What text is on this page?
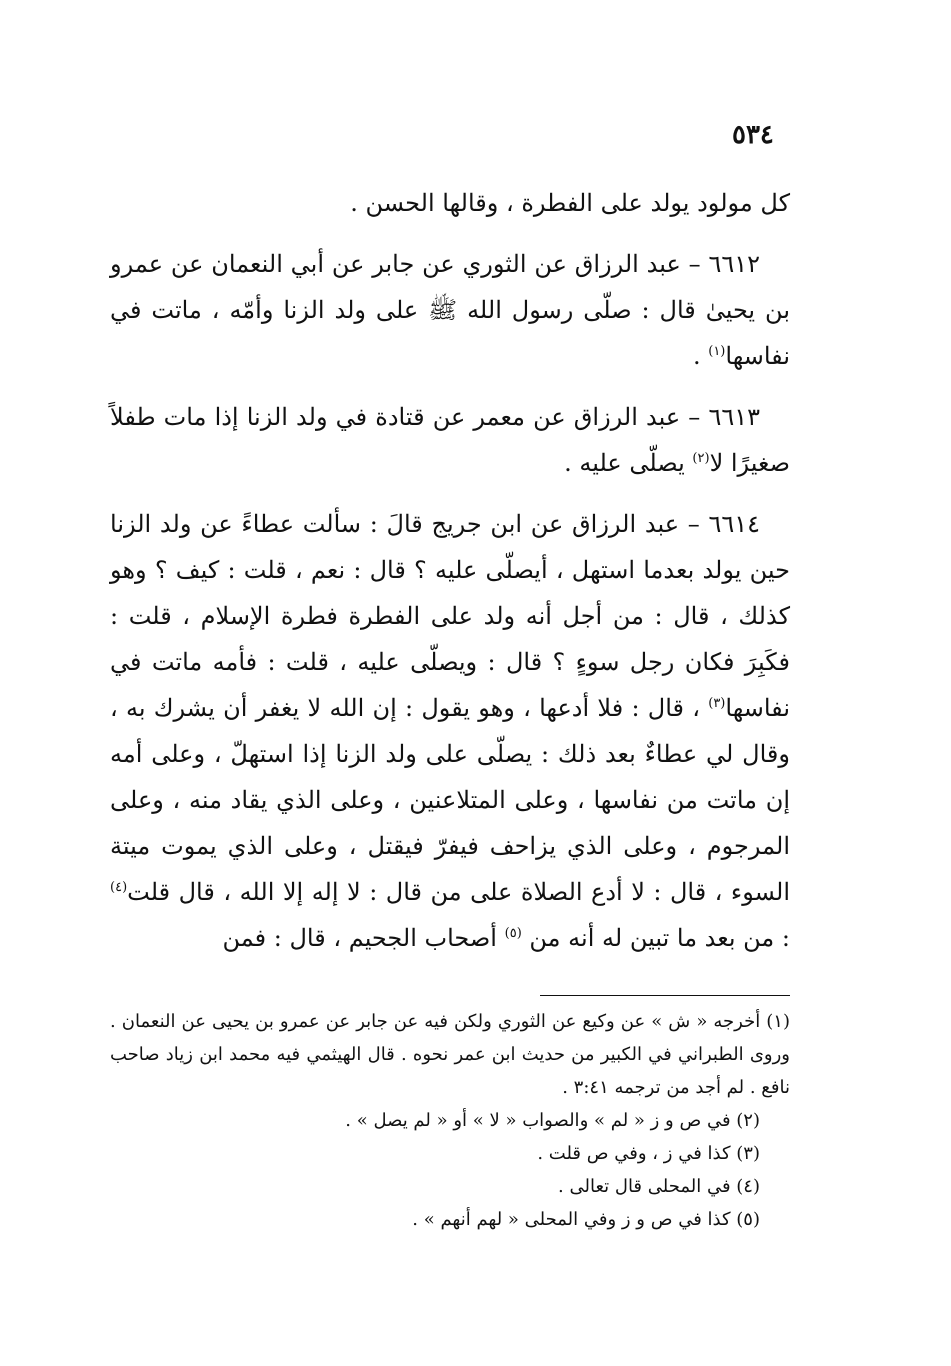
٥٣٤

كل مولود يولد على الفطرة ، وقالها الحسن .

٦٦١٢ – عبد الرزاق عن الثوري عن جابر عن أبي النعمان عن عمرو بن يحيىٰ قال : صلّى رسول الله ﷺ على ولد الزنا وأمّه ، ماتت في نفاسها$^{(١)}$ .

٦٦١٣ – عبد الرزاق عن معمر عن قتادة في ولد الزنا إذا مات طفلاً صغيرًا لا$^{(٢)}$ يصلّى عليه .

٦٦١٤ – عبد الرزاق عن ابن جريج قالَ : سألت عطاءً عن ولد الزنا حين يولد بعدما استهل ، أيصلّى عليه ؟ قال : نعم ، قلت : كيف ؟ وهو كذلك ، قال : من أجل أنه ولد على الفطرة فطرة الإسلام ، قلت : فكَبِرَ فكان رجل سوءٍ ؟ قال : ويصلّى عليه ، قلت : فأمه ماتت في نفاسها$^{(٣)}$ ، قال : فلا أدعها ، وهو يقول : إن الله لا يغفر أن يشرك به ، وقال لي عطاءٌ بعد ذلك : يصلّى على ولد الزنا إذا استهلّ ، وعلى أمه إن ماتت من نفاسها ، وعلى المتلاعنين ، وعلى الذي يقاد منه ، وعلى المرجوم ، وعلى الذي يزاحف فيفرّ فيقتل ، وعلى الذي يموت ميتة السوء ، قال : لا أدع الصلاة على من قال : لا إله إلا الله ، قال قلت$^{(٤)}$ : من بعد ما تبين له أنه من $^{(٥)}$ أصحاب الجحيم ، قال : فمن

(١) أخرجه « ش » عن وكيع عن الثوري ولكن فيه عن جابر عن عمرو بن يحيى عن النعمان . وروى الطبراني في الكبير من حديث ابن عمر نحوه . قال الهيثمي فيه محمد ابن زياد صاحب نافع . لم أجد من ترجمه ٣:٤١ .

(٢) في ص و ز « لم » والصواب « لا » أو « لم يصل » .

(٣) كذا في ز ، وفي ص قلت .

(٤) في المحلى قال تعالى .

(٥) كذا في ص و ز وفي المحلى « لهم أنهم » .
